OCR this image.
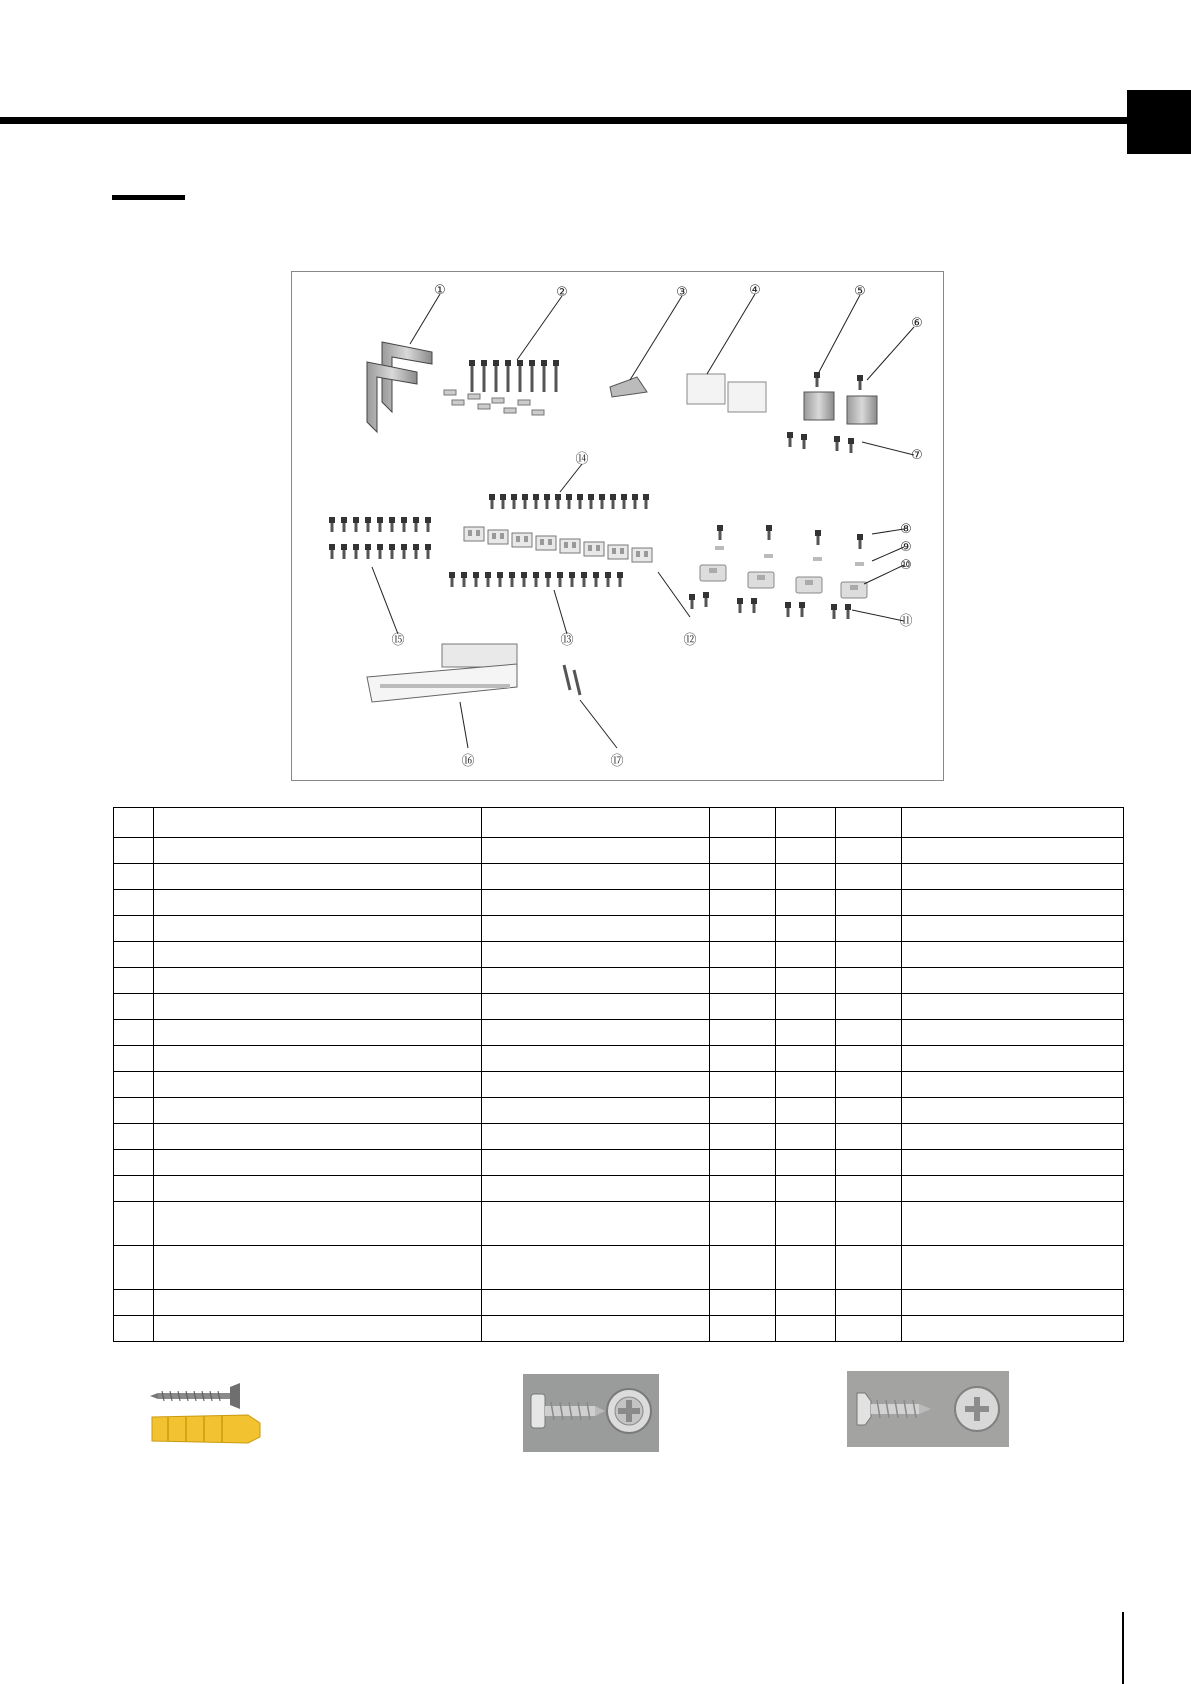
①	②	③	④	⑤
⑥
⑦
⑧
⑨
⑩
⑪
⑫
⑬
⑭
⑮
⑯	⑰
